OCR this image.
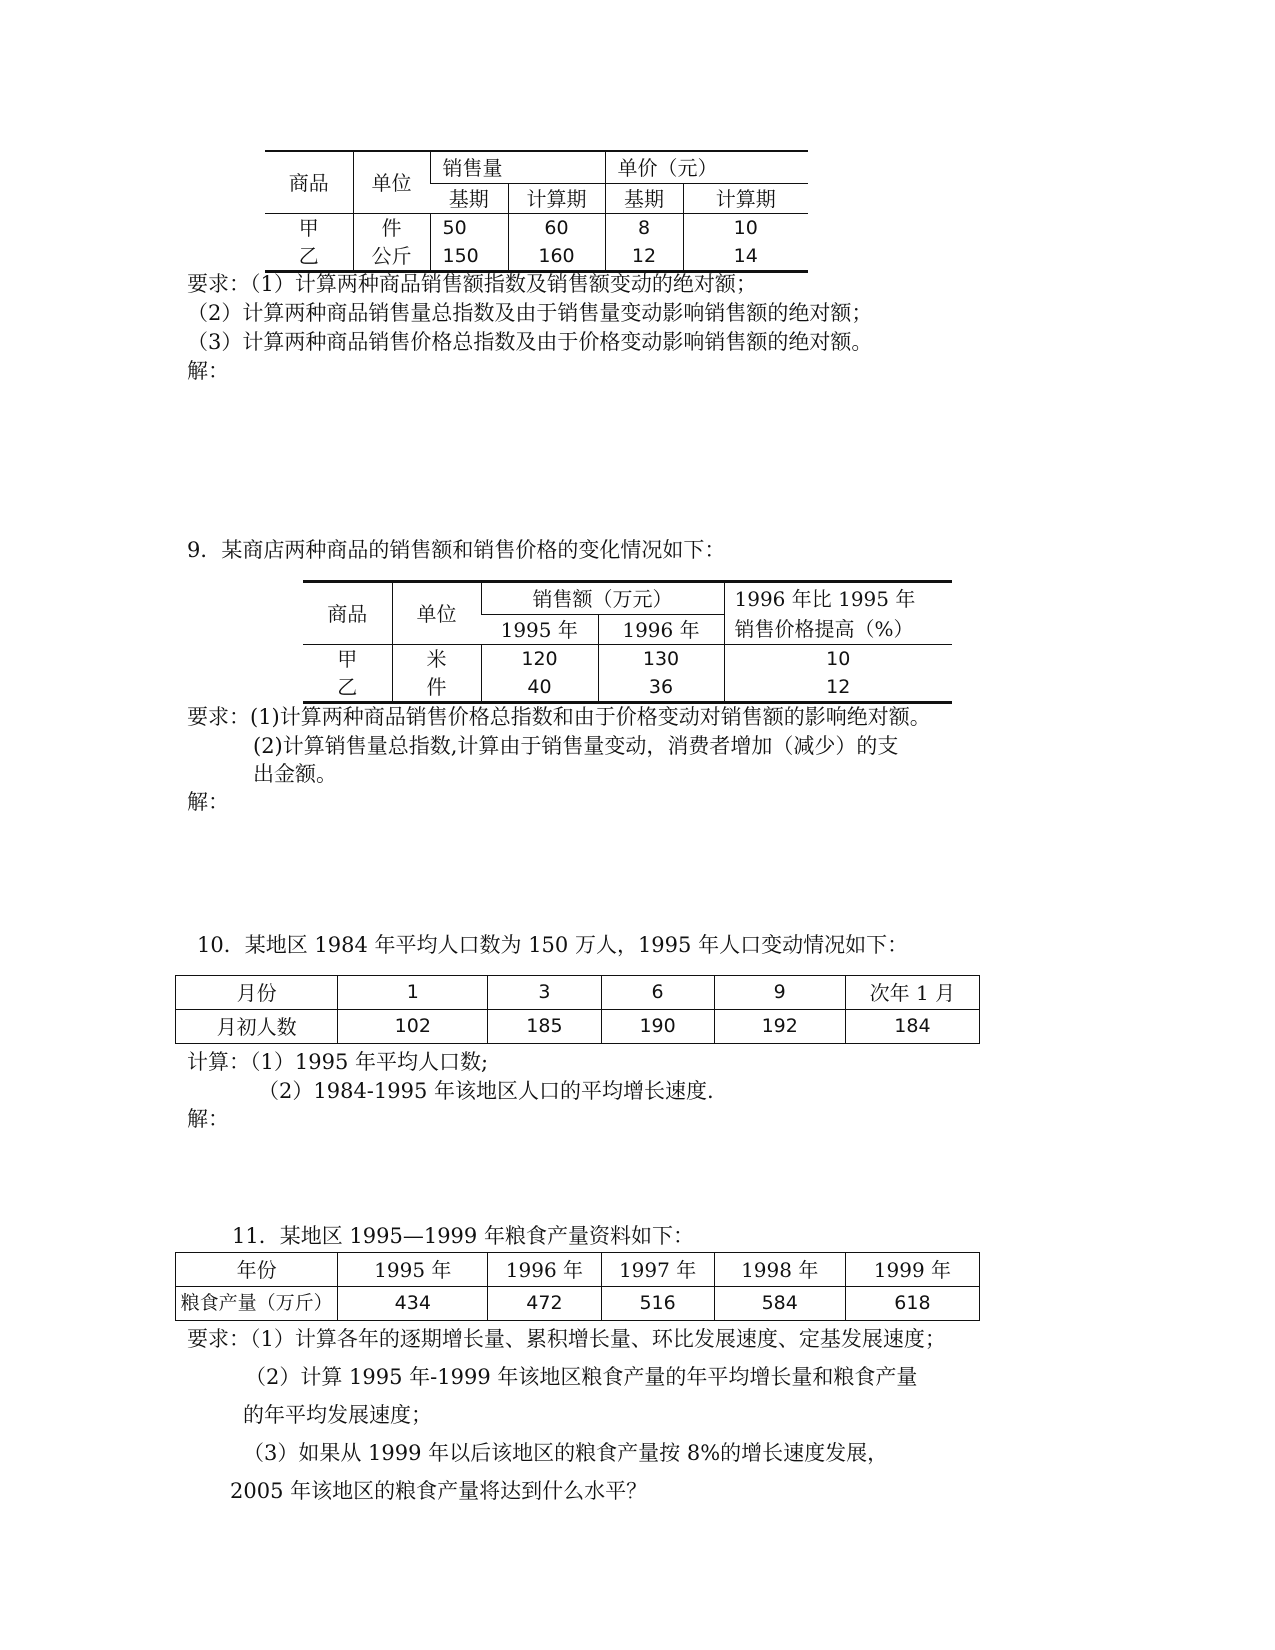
商品	单位	销售量		单价（元）	
		基期	计算期	基期	计算期
甲	件	50	60	8	10
乙	公斤	150	160	12	14
要求：（1）计算两种商品销售额指数及销售额变动的绝对额；
（2）计算两种商品销售量总指数及由于销售量变动影响销售额的绝对额；
（3）计算两种商品销售价格总指数及由于价格变动影响销售额的绝对额。
解：
9．某商店两种商品的销售额和销售价格的变化情况如下：
商品	单位	销售额（万元）		1996 年比 1995 年
		1995 年	1996 年	销售价格提高（%）
甲	米	120	130	10
乙	件	40	36	12
要求：(1)计算两种商品销售价格总指数和由于价格变动对销售额的影响绝对额。
(2)计算销售量总指数,计算由于销售量变动，消费者增加（减少）的支
出金额。
解：
10．某地区 1984 年平均人口数为 150 万人，1995 年人口变动情况如下：
月份	1	3	6	9	次年 1 月
月初人数	102	185	190	192	184
计算：（1）1995 年平均人口数;
（2）1984-1995 年该地区人口的平均增长速度.
解：
11．某地区 1995—1999 年粮食产量资料如下：
年份	1995 年	1996 年	1997 年	1998 年	1999 年
粮食产量（万斤）	434	472	516	584	618
要求：（1）计算各年的逐期增长量、累积增长量、环比发展速度、定基发展速度；
（2）计算 1995 年-1999 年该地区粮食产量的年平均增长量和粮食产量
的年平均发展速度；
（3）如果从 1999 年以后该地区的粮食产量按 8%的增长速度发展，
2005 年该地区的粮食产量将达到什么水平？
